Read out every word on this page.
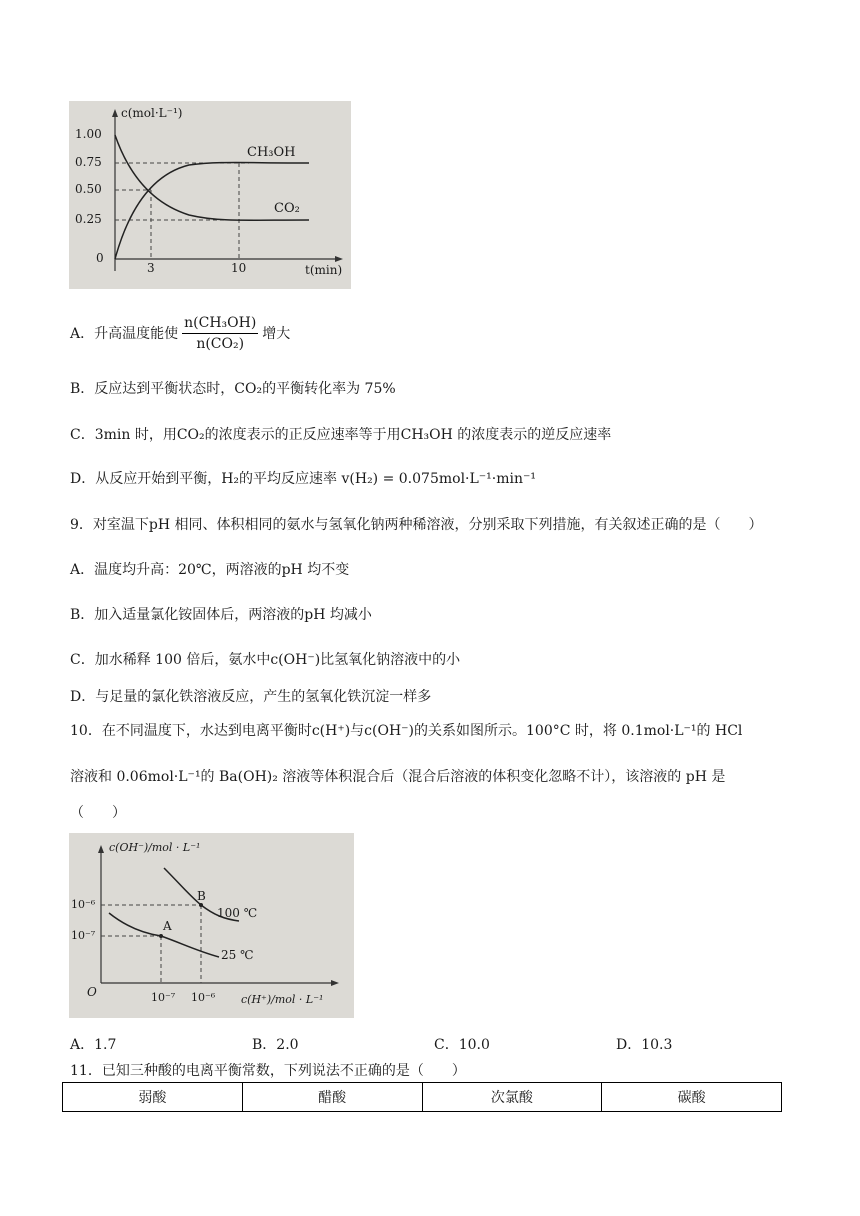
c(mol·L⁻¹)
1.00
0.75
0.50
0.25
0
3	10	t(min)
CH₃OH
CO₂
A．升高温度能使 $\frac{\text{n(CH₃OH)}}{\text{n(CO₂)}}$ 增大
B．反应达到平衡状态时，CO₂的平衡转化率为 75%
C．3min 时，用CO₂的浓度表示的正反应速率等于用CH₃OH 的浓度表示的逆反应速率
D．从反应开始到平衡，H₂的平均反应速率 v(H₂) = 0.075mol·L⁻¹·min⁻¹
9．对室温下pH 相同、体积相同的氨水与氢氧化钠两种稀溶液，分别采取下列措施，有关叙述正确的是（　　）
A．温度均升高：20℃，两溶液的pH 均不变
B．加入适量氯化铵固体后，两溶液的pH 均减小
C．加水稀释 100 倍后，氨水中c(OH⁻)比氢氧化钠溶液中的小
D．与足量的氯化铁溶液反应，产生的氢氧化铁沉淀一样多
10．在不同温度下，水达到电离平衡时c(H⁺)与c(OH⁻)的关系如图所示。100°C 时，将 0.1mol·L⁻¹的 HCl
溶液和 0.06mol·L⁻¹的 Ba(OH)₂ 溶液等体积混合后（混合后溶液的体积变化忽略不计），该溶液的 pH 是
（　　）
c(OH⁻)/mol · L⁻¹
10⁻⁶
10⁻⁷
B
A
100 ℃
25 ℃
O	10⁻⁷ 10⁻⁶ c(H⁺)/mol · L⁻¹
A．1.7	B．2.0	C．10.0	D．10.3
11．已知三种酸的电离平衡常数，下列说法不正确的是（　　）
弱酸	醋酸	次氯酸	碳酸
